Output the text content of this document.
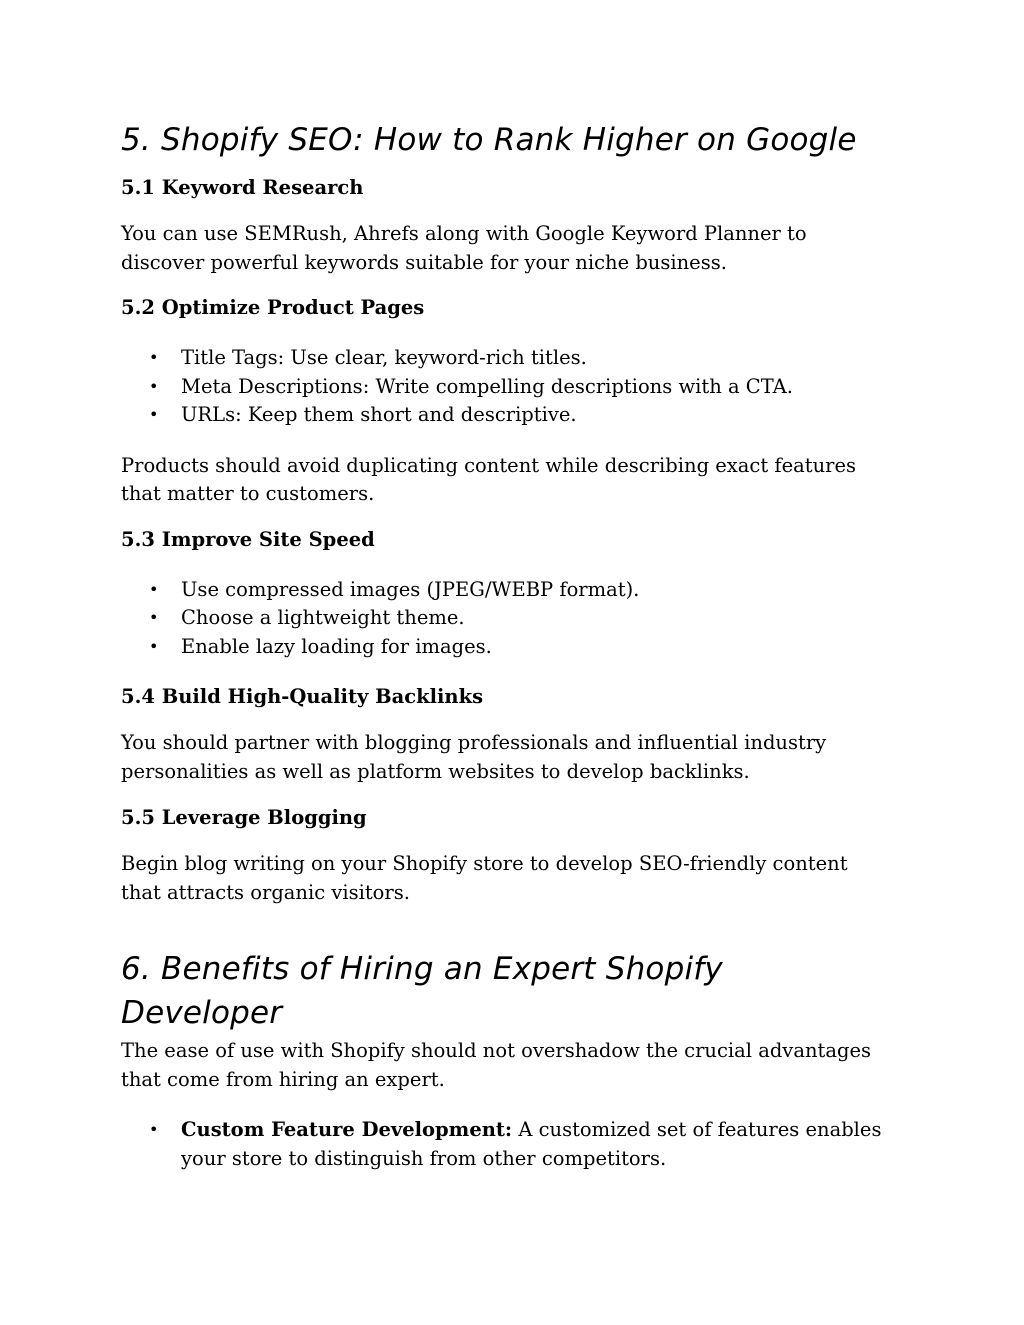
5. Shopify SEO: How to Rank Higher on Google
5.1 Keyword Research

You can use SEMRush, Ahrefs along with Google Keyword Planner to discover powerful keywords suitable for your niche business.

5.2 Optimize Product Pages
• Title Tags: Use clear, keyword-rich titles.
• Meta Descriptions: Write compelling descriptions with a CTA.
• URLs: Keep them short and descriptive.

Products should avoid duplicating content while describing exact features that matter to customers.

5.3 Improve Site Speed
• Use compressed images (JPEG/WEBP format).
• Choose a lightweight theme.
• Enable lazy loading for images.
5.4 Build High-Quality Backlinks

You should partner with blogging professionals and influential industry personalities as well as platform websites to develop backlinks.

5.5 Leverage Blogging

Begin blog writing on your Shopify store to develop SEO-friendly content that attracts organic visitors.

6. Benefits of Hiring an Expert Shopify Developer

The ease of use with Shopify should not overshadow the crucial advantages that come from hiring an expert.

• Custom Feature Development: A customized set of features enables your store to distinguish from other competitors.
